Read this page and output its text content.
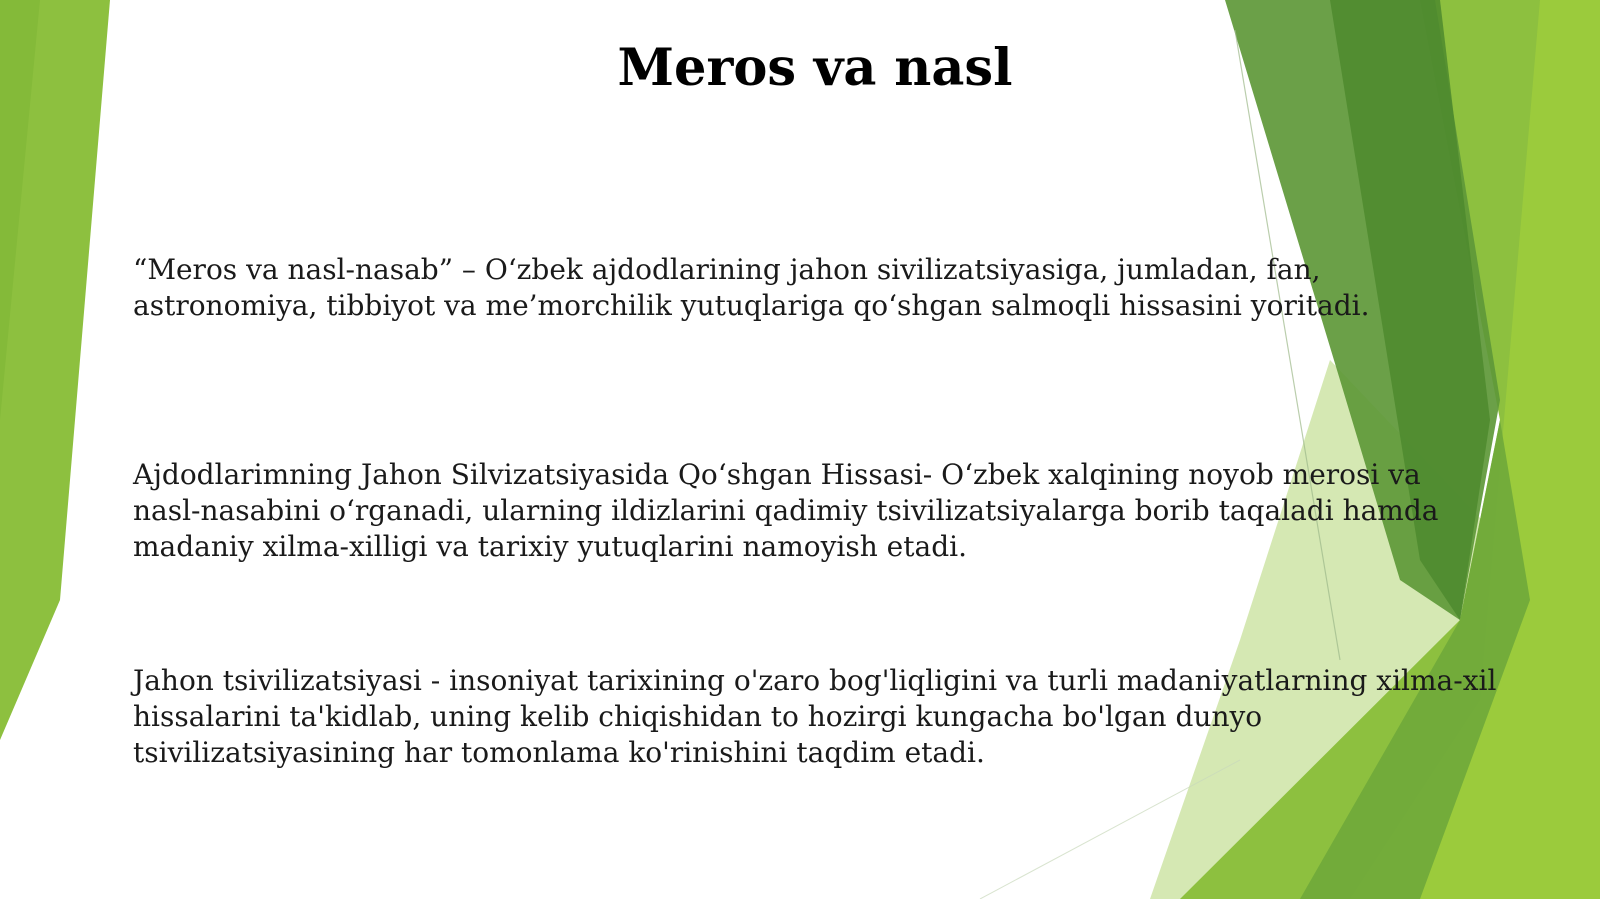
Meros va nasl

“Meros va nasl-nasab” – O‘zbek ajdodlarining jahon sivilizatsiyasiga, jumladan, fan,
astronomiya, tibbiyot va me’morchilik yutuqlariga qo‘shgan salmoqli hissasini yoritadi.

Ajdodlarimning Jahon Silvizatsiyasida Qo‘shgan Hissasi- O‘zbek xalqining noyob merosi va
nasl-nasabini o‘rganadi, ularning ildizlarini qadimiy tsivilizatsiyalarga borib taqaladi hamda
madaniy xilma-xilligi va tarixiy yutuqlarini namoyish etadi.

Jahon tsivilizatsiyasi - insoniyat tarixining o'zaro bog'liqligini va turli madaniyatlarning xilma-xil
hissalarini ta'kidlab, uning kelib chiqishidan to hozirgi kungacha bo'lgan dunyo
tsivilizatsiyasining har tomonlama ko'rinishini taqdim etadi.
